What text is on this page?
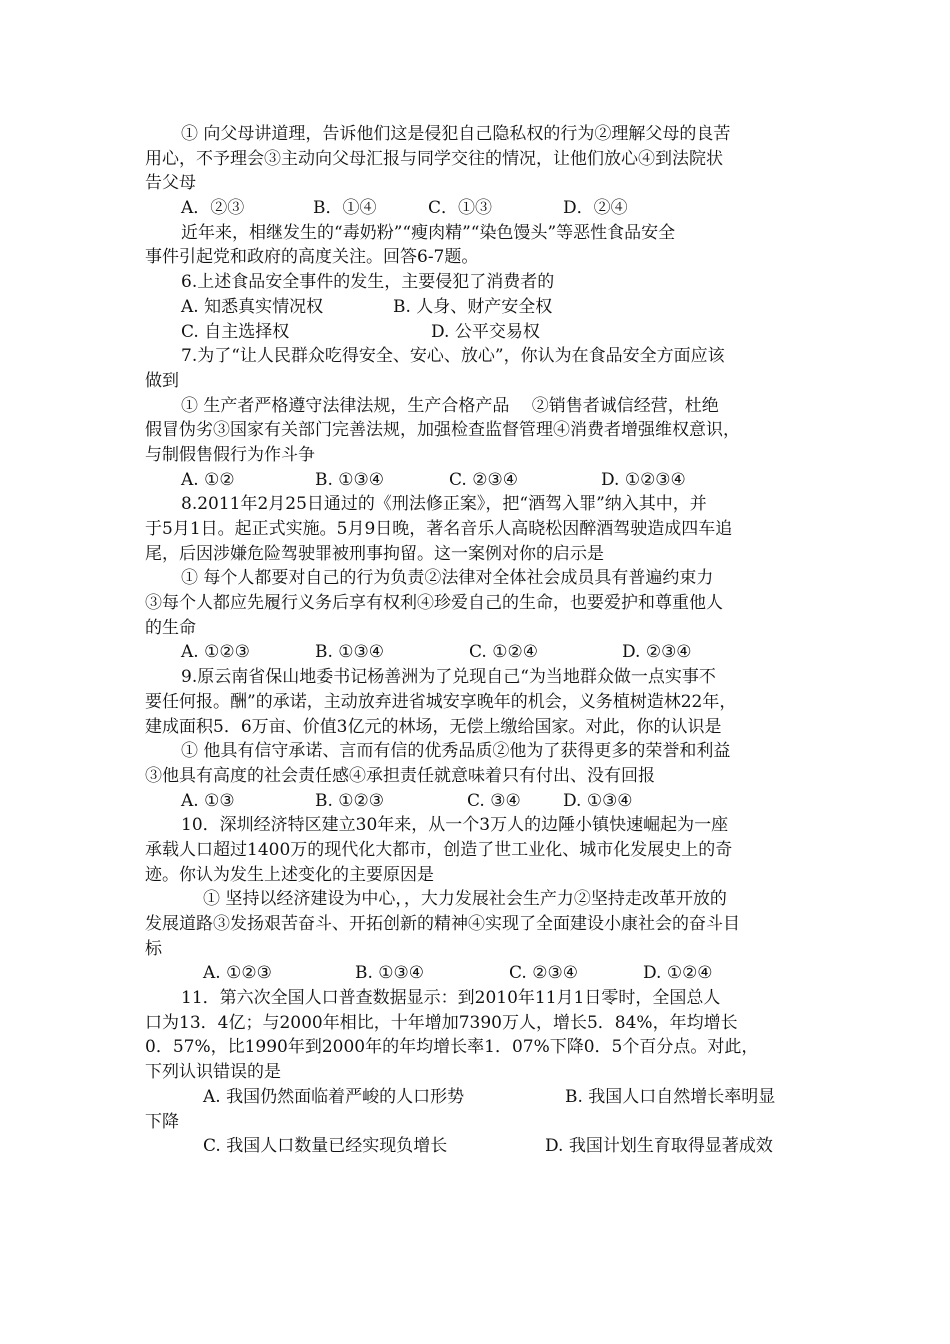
① 向父母讲道理，告诉他们这是侵犯自己隐私权的行为②理解父母的良苦
用心，不予理会③主动向父母汇报与同学交往的情况，让他们放心④到法院状
告父母
A．②③	B．①④	C．①③	D．②④
近年来，相继发生的“毒奶粉”“瘦肉精”“染色馒头”等恶性食品安全
事件引起党和政府的高度关注。回答6-7题。
6.上述食品安全事件的发生，主要侵犯了消费者的
A. 知悉真实情况权	B. 人身、财产安全权
C. 自主选择权	D. 公平交易权
7.为了“让人民群众吃得安全、安心、放心”，你认为在食品安全方面应该
做到
① 生产者严格遵守法律法规，生产合格产品　 ②销售者诚信经营，杜绝
假冒伪劣③国家有关部门完善法规，加强检查监督管理④消费者增强维权意识，
与制假售假行为作斗争
A. ①②	B. ①③④	C. ②③④	D. ①②③④
8.2011年2月25日通过的《刑法修正案》，把“酒驾入罪”纳入其中，并
于5月1日。起正式实施。5月9日晚，著名音乐人高晓松因醉酒驾驶造成四车追
尾，后因涉嫌危险驾驶罪被刑事拘留。这一案例对你的启示是
① 每个人都要对自己的行为负责②法律对全体社会成员具有普遍约束力
③每个人都应先履行义务后享有权利④珍爱自己的生命，也要爱护和尊重他人
的生命
A. ①②③	B. ①③④	C. ①②④	D. ②③④
9.原云南省保山地委书记杨善洲为了兑现自己“为当地群众做一点实事不
要任何报。酬”的承诺，主动放弃进省城安享晚年的机会，义务植树造林22年，
建成面积5．6万亩、价值3亿元的林场，无偿上缴给国家。对此，你的认识是
① 他具有信守承诺、言而有信的优秀品质②他为了获得更多的荣誉和利益
③他具有高度的社会责任感④承担责任就意味着只有付出、没有回报
A. ①③	B. ①②③	C. ③④	D. ①③④
10．深圳经济特区建立30年来，从一个3万人的边陲小镇快速崛起为一座
承载人口超过1400万的现代化大都市，创造了世工业化、城市化发展史上的奇
迹。你认为发生上述变化的主要原因是
① 坚持以经济建设为中心，，大力发展社会生产力②坚持走改革开放的
发展道路③发扬艰苦奋斗、开拓创新的精神④实现了全面建设小康社会的奋斗目
标
A. ①②③	B. ①③④	C. ②③④	D. ①②④
11．第六次全国人口普查数据显示：到2010年11月1日零时，全国总人
口为13．4亿；与2000年相比，十年增加7390万人，增长5．84%，年均增长
0．57%，比1990年到2000年的年均增长率1．07%下降0．5个百分点。对此，
下列认识错误的是
A. 我国仍然面临着严峻的人口形势	B. 我国人口自然增长率明显
下降
C. 我国人口数量已经实现负增长	D. 我国计划生育取得显著成效
